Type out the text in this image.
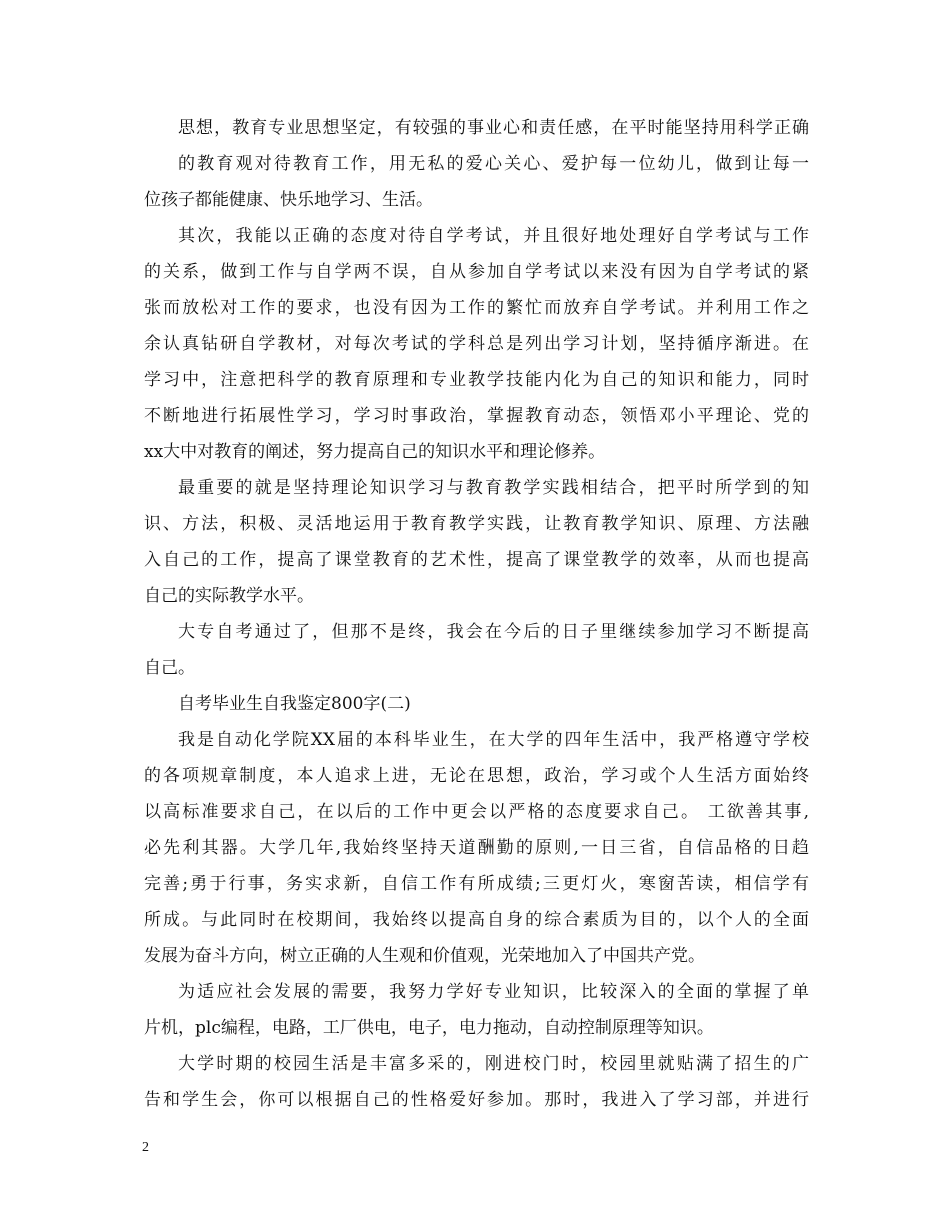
思想，教育专业思想坚定，有较强的事业心和责任感，在平时能坚持用科学正确
的教育观对待教育工作，用无私的爱心关心、爱护每一位幼儿，做到让每一
位孩子都能健康、快乐地学习、生活。
其次，我能以正确的态度对待自学考试，并且很好地处理好自学考试与工作
的关系，做到工作与自学两不误，自从参加自学考试以来没有因为自学考试的紧
张而放松对工作的要求，也没有因为工作的繁忙而放弃自学考试。并利用工作之
余认真钻研自学教材，对每次考试的学科总是列出学习计划，坚持循序渐进。在
学习中，注意把科学的教育原理和专业教学技能内化为自己的知识和能力，同时
不断地进行拓展性学习，学习时事政治，掌握教育动态，领悟邓小平理论、党的
xx大中对教育的阐述，努力提高自己的知识水平和理论修养。
最重要的就是坚持理论知识学习与教育教学实践相结合，把平时所学到的知
识、方法，积极、灵活地运用于教育教学实践，让教育教学知识、原理、方法融
入自己的工作，提高了课堂教育的艺术性，提高了课堂教学的效率，从而也提高
自己的实际教学水平。
大专自考通过了，但那不是终，我会在今后的日子里继续参加学习不断提高
自己。
自考毕业生自我鉴定800字(二)
我是自动化学院XX届的本科毕业生，在大学的四年生活中，我严格遵守学校
的各项规章制度，本人追求上进，无论在思想，政治，学习或个人生活方面始终
以高标准要求自己，在以后的工作中更会以严格的态度要求自己。 工欲善其事,
必先利其器。大学几年,我始终坚持天道酬勤的原则,一日三省，自信品格的日趋
完善;勇于行事，务实求新，自信工作有所成绩;三更灯火，寒窗苦读，相信学有
所成。与此同时在校期间，我始终以提高自身的综合素质为目的，以个人的全面
发展为奋斗方向，树立正确的人生观和价值观，光荣地加入了中国共产党。
为适应社会发展的需要，我努力学好专业知识，比较深入的全面的掌握了单
片机，plc编程，电路，工厂供电，电子，电力拖动，自动控制原理等知识。
大学时期的校园生活是丰富多采的，刚进校门时，校园里就贴满了招生的广
告和学生会，你可以根据自己的性格爱好参加。那时，我进入了学习部，并进行
2
